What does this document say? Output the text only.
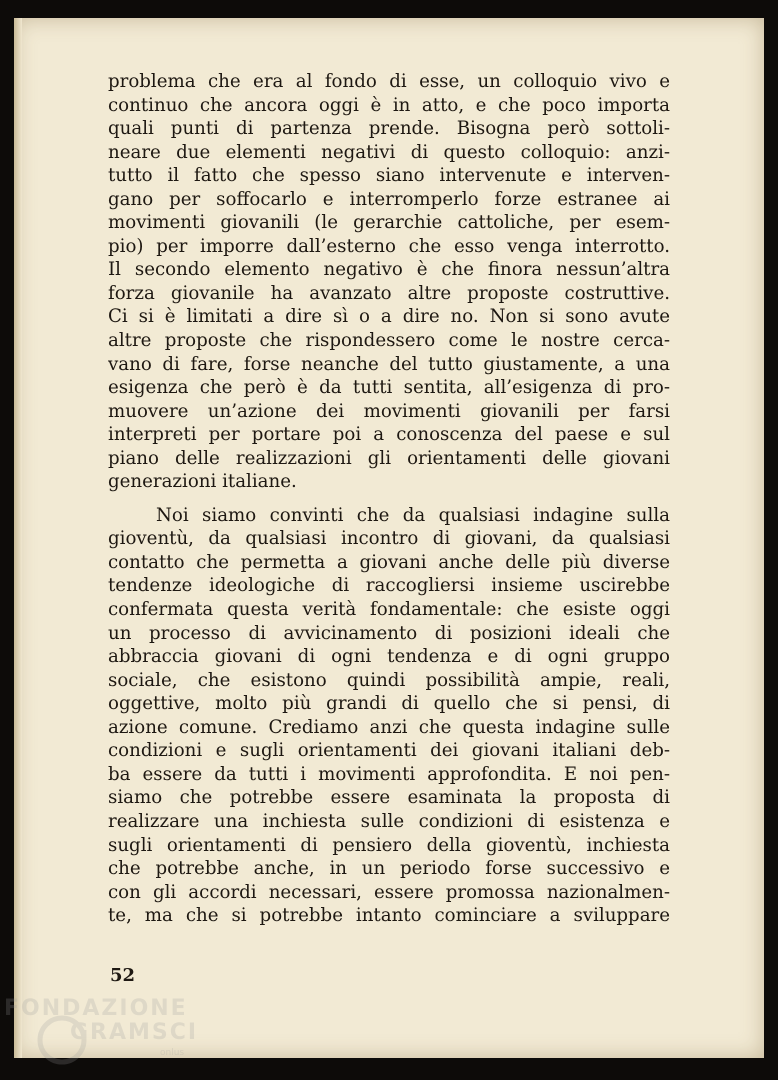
problema che era al fondo di esse, un colloquio vivo e
continuo che ancora oggi è in atto, e che poco importa
quali punti di partenza prende. Bisogna però sottoli-
neare due elementi negativi di questo colloquio: anzi-
tutto il fatto che spesso siano intervenute e interven-
gano per soffocarlo e interromperlo forze estranee ai
movimenti giovanili (le gerarchie cattoliche, per esem-
pio) per imporre dall’esterno che esso venga interrotto.
Il secondo elemento negativo è che finora nessun’altra
forza giovanile ha avanzato altre proposte costruttive.
Ci si è limitati a dire sì o a dire no. Non si sono avute
altre proposte che rispondessero come le nostre cerca-
vano di fare, forse neanche del tutto giustamente, a una
esigenza che però è da tutti sentita, all’esigenza di pro-
muovere un’azione dei movimenti giovanili per farsi
interpreti per portare poi a conoscenza del paese e sul
piano delle realizzazioni gli orientamenti delle giovani
generazioni italiane.
Noi siamo convinti che da qualsiasi indagine sulla
gioventù, da qualsiasi incontro di giovani, da qualsiasi
contatto che permetta a giovani anche delle più diverse
tendenze ideologiche di raccogliersi insieme uscirebbe
confermata questa verità fondamentale: che esiste oggi
un processo di avvicinamento di posizioni ideali che
abbraccia giovani di ogni tendenza e di ogni gruppo
sociale, che esistono quindi possibilità ampie, reali,
oggettive, molto più grandi di quello che si pensi, di
azione comune. Crediamo anzi che questa indagine sulle
condizioni e sugli orientamenti dei giovani italiani deb-
ba essere da tutti i movimenti approfondita. E noi pen-
siamo che potrebbe essere esaminata la proposta di
realizzare una inchiesta sulle condizioni di esistenza e
sugli orientamenti di pensiero della gioventù, inchiesta
che potrebbe anche, in un periodo forse successivo e
con gli accordi necessari, essere promossa nazionalmen-
te, ma che si potrebbe intanto cominciare a sviluppare
52
FONDAZIONE
GRAMSCI
onlus
